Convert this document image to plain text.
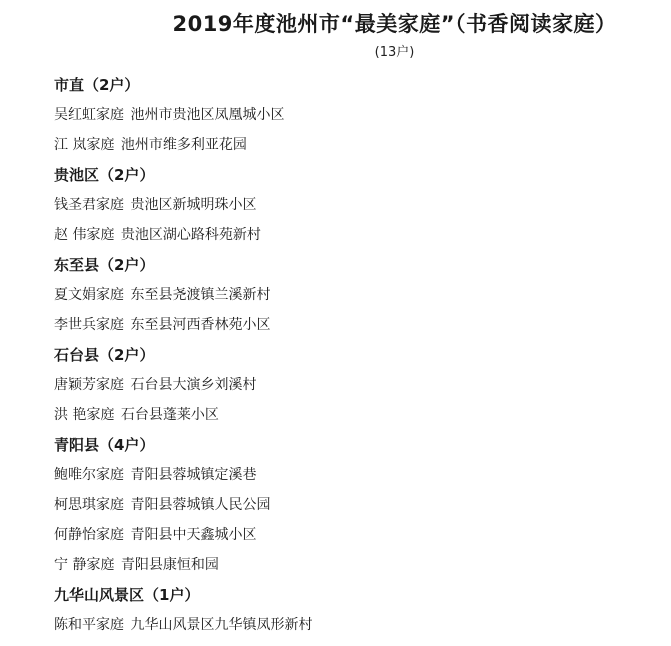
2019年度池州市“最美家庭”（书香阅读家庭）
(13户)
市直（2户）
吴红虹家庭 池州市贵池区凤凰城小区
江 岚家庭 池州市维多利亚花园
贵池区（2户）
钱圣君家庭 贵池区新城明珠小区
赵 伟家庭 贵池区湖心路科苑新村
东至县（2户）
夏文娟家庭 东至县尧渡镇兰溪新村
李世兵家庭 东至县河西香林苑小区
石台县（2户）
唐颖芳家庭 石台县大演乡刘溪村
洪 艳家庭 石台县蓬莱小区
青阳县（4户）
鲍唯尔家庭 青阳县蓉城镇定溪巷
柯思琪家庭 青阳县蓉城镇人民公园
何静怡家庭 青阳县中天鑫城小区
宁 静家庭 青阳县康恒和园
九华山风景区（1户）
陈和平家庭 九华山风景区九华镇凤形新村
